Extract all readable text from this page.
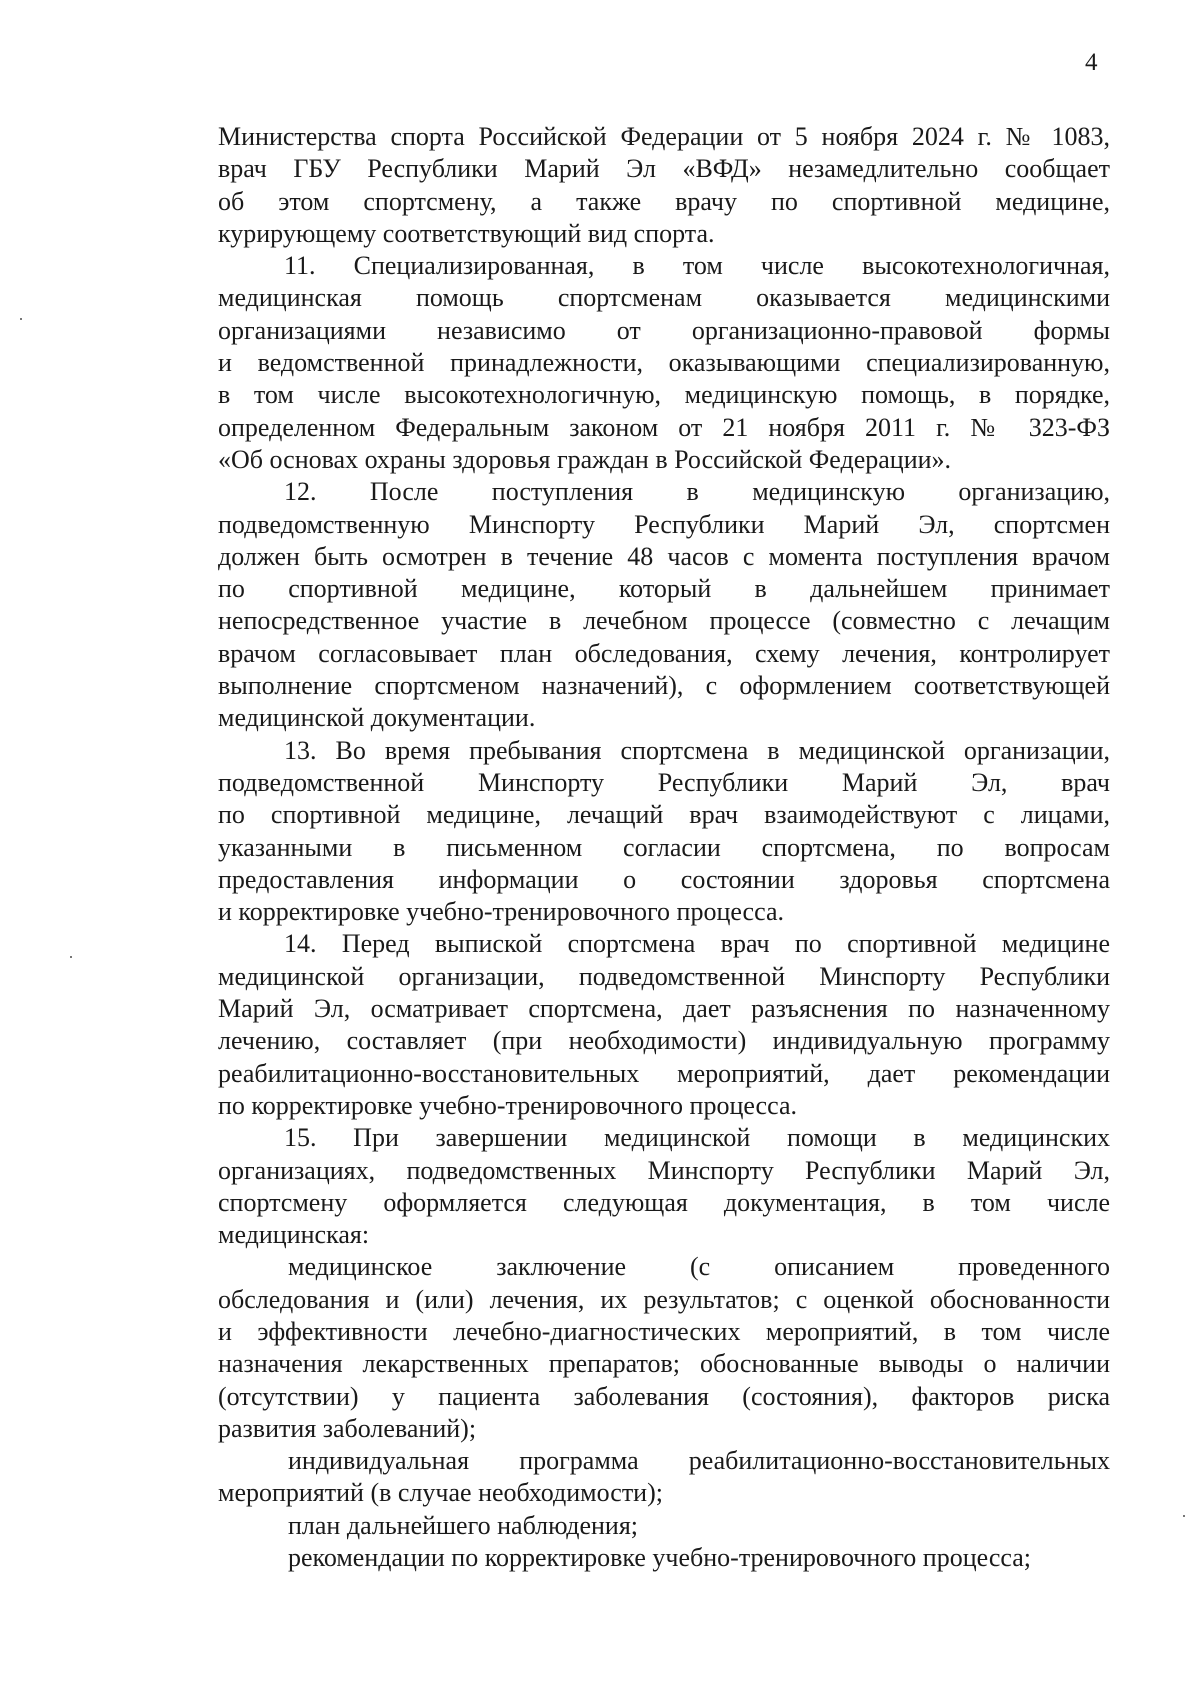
4
Министерства спорта Российской Федерации от 5 ноября 2024 г. № 1083,
врач ГБУ Республики Марий Эл «ВФД» незамедлительно сообщает
об этом спортсмену, а также врачу по спортивной медицине,
курирующему соответствующий вид спорта.
11. Специализированная, в том числе высокотехнологичная,
медицинская помощь спортсменам оказывается медицинскими
организациями независимо от организационно-правовой формы
и ведомственной принадлежности, оказывающими специализированную,
в том числе высокотехнологичную, медицинскую помощь, в порядке,
определенном Федеральным законом от 21 ноября 2011 г. № 323-ФЗ
«Об основах охраны здоровья граждан в Российской Федерации».
12. После поступления в медицинскую организацию,
подведомственную Минспорту Республики Марий Эл, спортсмен
должен быть осмотрен в течение 48 часов с момента поступления врачом
по спортивной медицине, который в дальнейшем принимает
непосредственное участие в лечебном процессе (совместно с лечащим
врачом согласовывает план обследования, схему лечения, контролирует
выполнение спортсменом назначений), с оформлением соответствующей
медицинской документации.
13. Во время пребывания спортсмена в медицинской организации,
подведомственной Минспорту Республики Марий Эл, врач
по спортивной медицине, лечащий врач взаимодействуют с лицами,
указанными в письменном согласии спортсмена, по вопросам
предоставления информации о состоянии здоровья спортсмена
и корректировке учебно-тренировочного процесса.
14. Перед выпиской спортсмена врач по спортивной медицине
медицинской организации, подведомственной Минспорту Республики
Марий Эл, осматривает спортсмена, дает разъяснения по назначенному
лечению, составляет (при необходимости) индивидуальную программу
реабилитационно-восстановительных мероприятий, дает рекомендации
по корректировке учебно-тренировочного процесса.
15. При завершении медицинской помощи в медицинских
организациях, подведомственных Минспорту Республики Марий Эл,
спортсмену оформляется следующая документация, в том числе
медицинская:
медицинское заключение (с описанием проведенного
обследования и (или) лечения, их результатов; с оценкой обоснованности
и эффективности лечебно-диагностических мероприятий, в том числе
назначения лекарственных препаратов; обоснованные выводы о наличии
(отсутствии) у пациента заболевания (состояния), факторов риска
развития заболеваний);
индивидуальная программа реабилитационно-восстановительных
мероприятий (в случае необходимости);
план дальнейшего наблюдения;
рекомендации по корректировке учебно-тренировочного процесса;
